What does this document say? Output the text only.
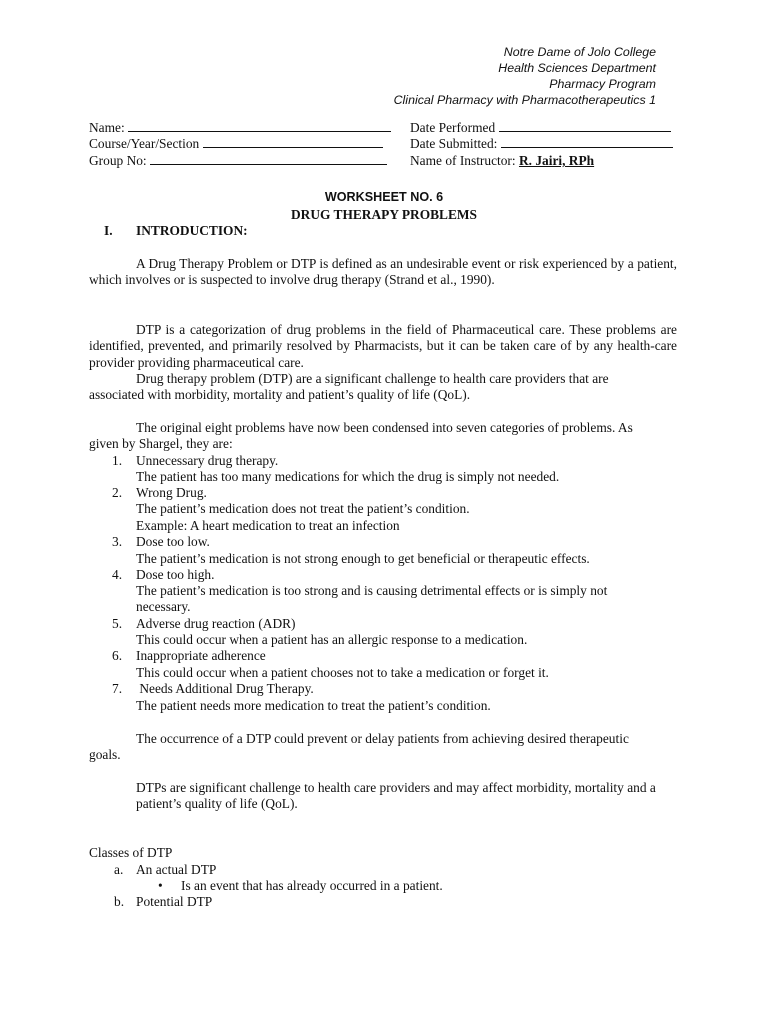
Notre Dame of Jolo College
Health Sciences Department
Pharmacy Program
Clinical Pharmacy with Pharmacotherapeutics 1
Name:
Course/Year/Section
Group No:
Date Performed
Date Submitted:
Name of Instructor: R. Jairi, RPh
WORKSHEET NO. 6
DRUG THERAPY PROBLEMS
I. INTRODUCTION:
A Drug Therapy Problem or DTP is defined as an undesirable event or risk experienced by a patient, which involves or is suspected to involve drug therapy (Strand et al., 1990).
DTP is a categorization of drug problems in the field of Pharmaceutical care. These problems are identified, prevented, and primarily resolved by Pharmacists, but it can be taken care of by any health-care provider providing pharmaceutical care.
Drug therapy problem (DTP) are a significant challenge to health care providers that are associated with morbidity, mortality and patient’s quality of life (QoL).
The original eight problems have now been condensed into seven categories of problems. As given by Shargel, they are:
1. Unnecessary drug therapy.
The patient has too many medications for which the drug is simply not needed.
2. Wrong Drug.
The patient’s medication does not treat the patient’s condition.
Example: A heart medication to treat an infection
3. Dose too low.
The patient’s medication is not strong enough to get beneficial or therapeutic effects.
4. Dose too high.
The patient’s medication is too strong and is causing detrimental effects or is simply not necessary.
5. Adverse drug reaction (ADR)
This could occur when a patient has an allergic response to a medication.
6. Inappropriate adherence
This could occur when a patient chooses not to take a medication or forget it.
7. Needs Additional Drug Therapy.
The patient needs more medication to treat the patient’s condition.
The occurrence of a DTP could prevent or delay patients from achieving desired therapeutic goals.
DTPs are significant challenge to health care providers and may affect morbidity, mortality and a patient’s quality of life (QoL).
Classes of DTP
a. An actual DTP
• Is an event that has already occurred in a patient.
b. Potential DTP
